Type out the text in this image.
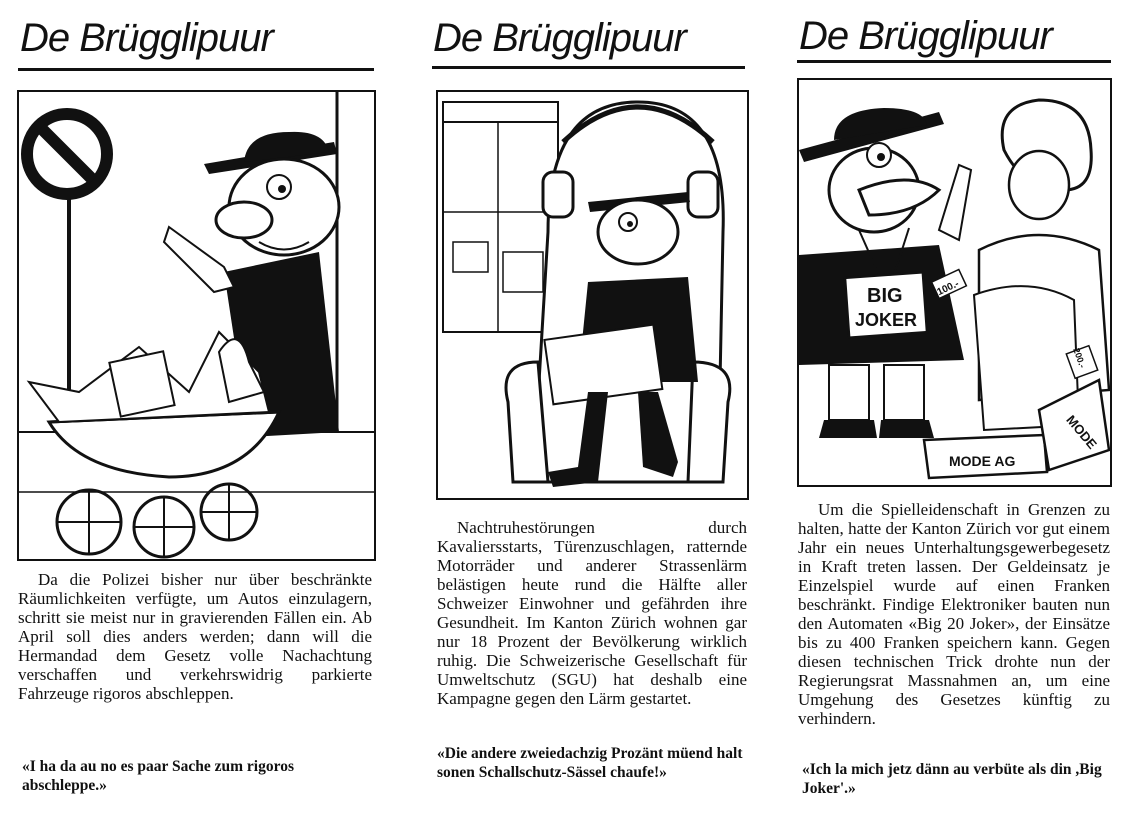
De Brügglipuur

Da die Polizei bisher nur über beschränkte Räumlichkeiten verfügte, um Autos einzulagern, schritt sie meist nur in gravierenden Fällen ein. Ab April soll dies anders werden; dann will die Hermandad dem Gesetz volle Nachachtung verschaffen und verkehrswidrig parkierte Fahrzeuge rigoros abschleppen.

«I ha da au no es paar Sache zum rigoros abschleppe.»
De Brügglipuur

Nachtruhestörungen durch Kavaliersstarts, Türenzuschlagen, ratternde Motorräder und anderer Strassenlärm belästigen heute rund die Hälfte aller Schweizer Einwohner und gefährden ihre Gesundheit. Im Kanton Zürich wohnen gar nur 18 Prozent der Bevölkerung wirklich ruhig. Die Schweizerische Gesellschaft für Umweltschutz (SGU) hat deshalb eine Kampagne gegen den Lärm gestartet.

«Die andere zweiedachzig Prozänt müend halt sonen Schallschutz-Sässel chaufe!»
De Brügglipuur
BIG
JOKER
100.-
200.-
MODE AG
MODE

Um die Spielleidenschaft in Grenzen zu halten, hatte der Kanton Zürich vor gut einem Jahr ein neues Unterhaltungsgewerbegesetz in Kraft treten lassen. Der Geldeinsatz je Einzelspiel wurde auf einen Franken beschränkt. Findige Elektroniker bauten nun den Automaten «Big 20 Joker», der Einsätze bis zu 400 Franken speichern kann. Gegen diesen technischen Trick drohte nun der Regierungsrat Massnahmen an, um eine Umgehung des Gesetzes künftig zu verhindern.

«Ich la mich jetz dänn au verbüte als din ,Big Joker'.»
